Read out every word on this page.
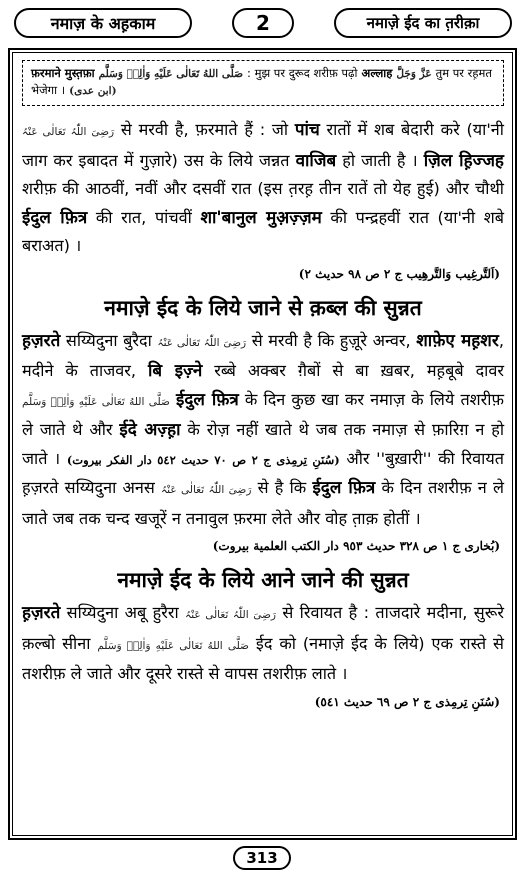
नमाज़ के अह़काम	2	नमाज़े ईद का त़रीक़ा
फ़रमाने मुस्त़फ़ा صَلَّى اللهُ تَعَالٰى عَلَيْهِ وَاٰلِهٖ وَسَلَّم : मुझ पर दुरूद शरीफ़ पढ़ो अल्लाह عَزَّ وَجَلَّ तुम पर रह़मत भेजेगा । (ابن عدی)

رَضِیَ اللّٰہُ تَعَالٰی عَنْہُ से मरवी है, फ़रमाते हैं : जो पांच रातों में शब बेदारी करे (या'नी जाग कर इबादत में गुज़ारे) उस के लिये जन्नत वाजिब हो जाती है । ज़िल ह़िज्जह शरीफ़ की आठवीं, नवीं और दसवीं रात (इस त़रह़ तीन रातें तो येह हुई) और चौथी ईदुल फ़ित्र की रात, पांचवीं शा'बानुल मुअ़ज़्ज़म की पन्द्रहवीं रात (या'नी शबे बराअत) ।

(اَلتَّرغِيب وَالتَّرهِيب ج ٢ ص ٩٨ حديث ٢)
नमाज़े ईद के लिये जाने से क़ब्ल की सुन्नत

ह़ज़रते सय्यिदुना बुरैदा رَضِیَ اللّٰہُ تَعَالٰی عَنْہُ से मरवी है कि हुज़ूरे अन्वर, शाफ़ेए मह़शर, मदीने के ताजवर, बि इज़्ने रब्बे अक्बर ग़ैबों से बा ख़बर, मह़बूबे दावर صَلَّى اللهُ تَعَالٰى عَلَيْهِ وَاٰلِهٖ وَسَلَّم ईदुल फ़ित्र के दिन कुछ खा कर नमाज़ के लिये तशरीफ़ ले जाते थे और ईदे अज़्ह़ा के रोज़ नहीं खाते थे जब तक नमाज़ से फ़ारिग़ न हो जाते । (سُنَنِ تِرمِذی ج ٢ ص ٧٠ حديث ٥٤٢ دار الفكر بيروت) और ''बुख़ारी'' की रिवायत ह़ज़रते सय्यिदुना अनस رَضِیَ اللّٰہُ تَعَالٰی عَنْہُ से है कि ईदुल फ़ित्र के दिन तशरीफ़ न ले जाते जब तक चन्द खजूरें न तनावुल फ़रमा लेते और वोह त़ाक़ होतीं ।

(بُخاری ج ١ ص ٣٢٨ حديث ٩٥٣ دار الكتب العلمية بيروت)
नमाज़े ईद के लिये आने जाने की सुन्नत

ह़ज़रते सय्यिदुना अबू हुरैरा رَضِیَ اللّٰہُ تَعَالٰی عَنْہُ से रिवायत है : ताजदारे मदीना, सुरूरे क़ल्बो सीना صَلَّى اللهُ تَعَالٰى عَلَيْهِ وَاٰلِهٖ وَسَلَّم ईद को (नमाज़े ईद के लिये) एक रास्ते से तशरीफ़ ले जाते और दूसरे रास्ते से वापस तशरीफ़ लाते ।

(سُنَنِ تِرمِذی ج ٢ ص ٦٩ حديث ٥٤١)
313
